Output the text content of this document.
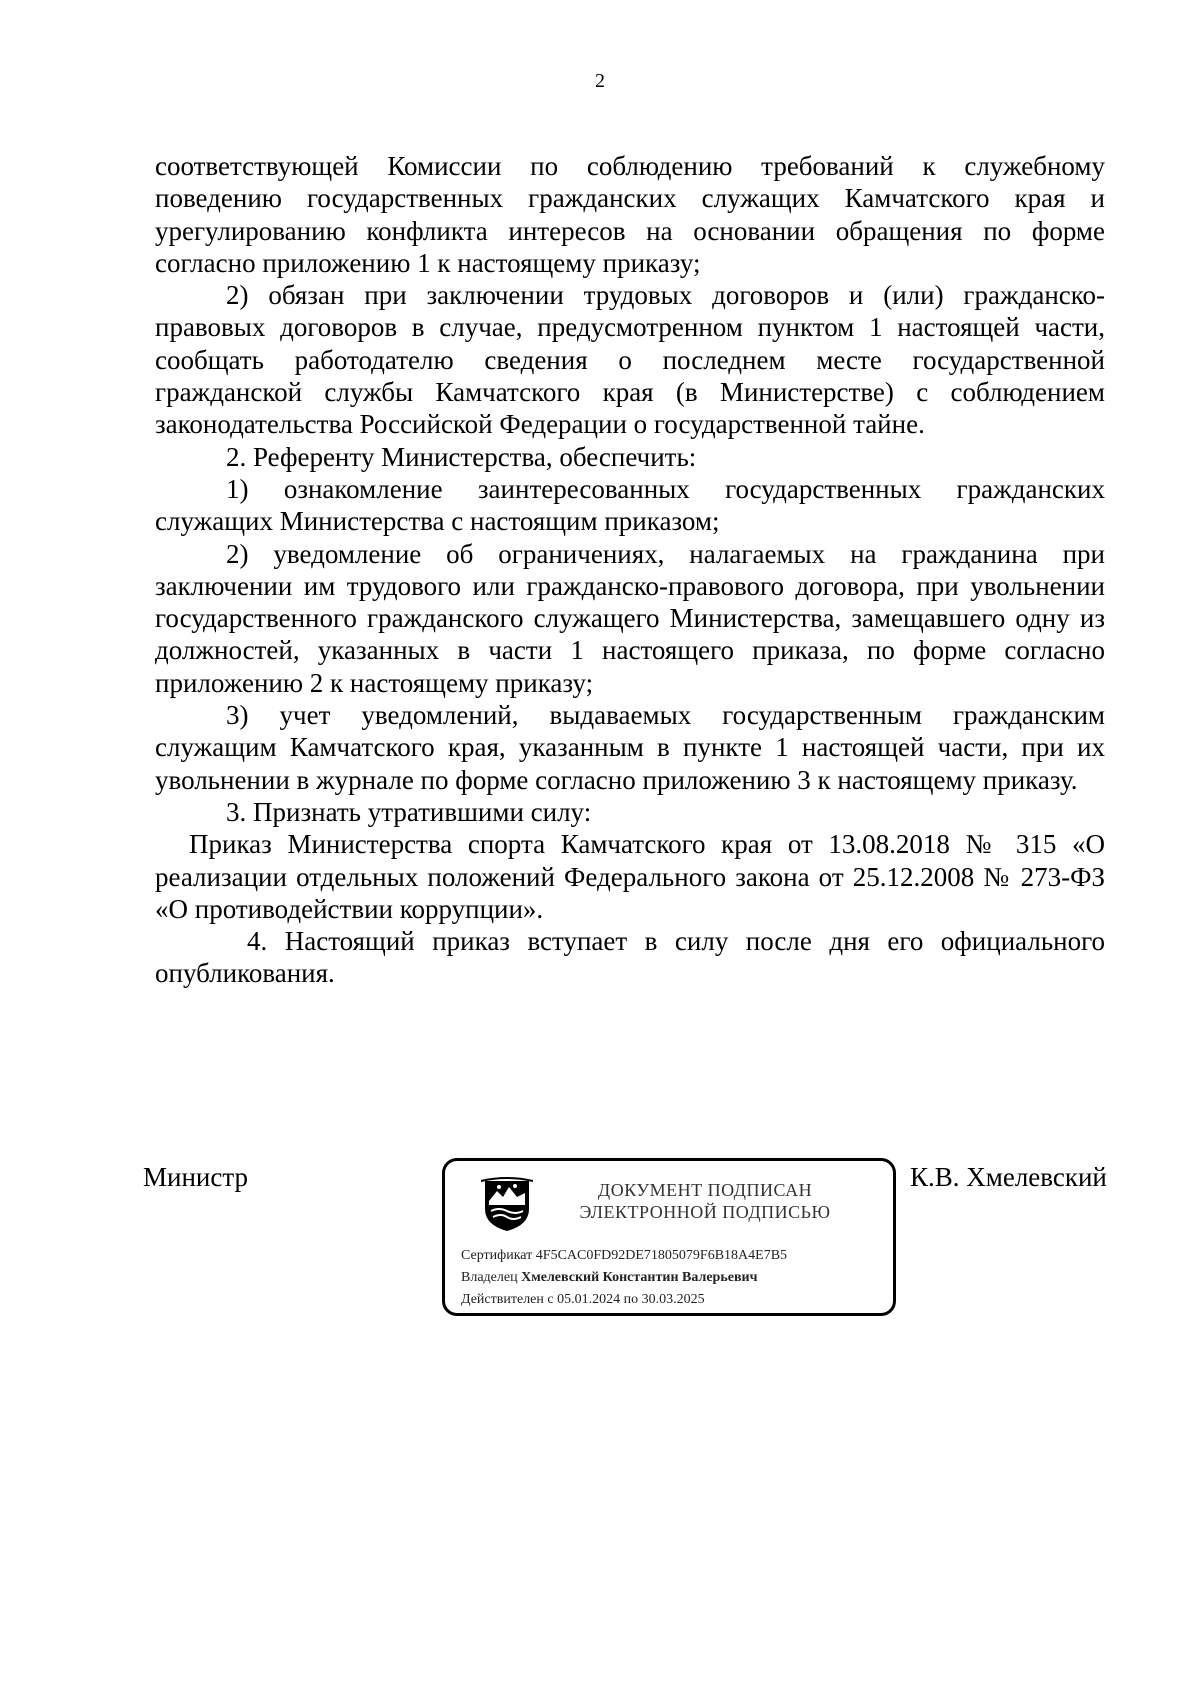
2

соответствующей Комиссии по соблюдению требований к служебному поведению государственных гражданских служащих Камчатского края и урегулированию конфликта интересов на основании обращения по форме согласно приложению 1 к настоящему приказу;

2) обязан при заключении трудовых договоров и (или) гражданско-правовых договоров в случае, предусмотренном пунктом 1 настоящей части, сообщать работодателю сведения о последнем месте государственной гражданской службы Камчатского края (в Министерстве) с соблюдением законодательства Российской Федерации о государственной тайне.

2. Референту Министерства, обеспечить:

1) ознакомление заинтересованных государственных гражданских служащих Министерства с настоящим приказом;

2) уведомление об ограничениях, налагаемых на гражданина при заключении им трудового или гражданско-правового договора, при увольнении государственного гражданского служащего Министерства, замещавшего одну из должностей, указанных в части 1 настоящего приказа, по форме согласно приложению 2 к настоящему приказу;

3) учет уведомлений, выдаваемых государственным гражданским служащим Камчатского края, указанным в пункте 1 настоящей части, при их увольнении в журнале по форме согласно приложению 3 к настоящему приказу.

3. Признать утратившими силу:

Приказ Министерства спорта Камчатского края от 13.08.2018 № 315 «О реализации отдельных положений Федерального закона от 25.12.2008 № 273-ФЗ «О противодействии коррупции».

4. Настоящий приказ вступает в силу после дня его официального опубликования.

Министр	ДОКУМЕНТ ПОДПИСАН
ЭЛЕКТРОННОЙ ПОДПИСЬЮ
Сертификат 4F5CAC0FD92DE71805079F6B18A4E7B5
Владелец Хмелевский Константин Валерьевич
Действителен с 05.01.2024 по 30.03.2025
К.В. Хмелевский
